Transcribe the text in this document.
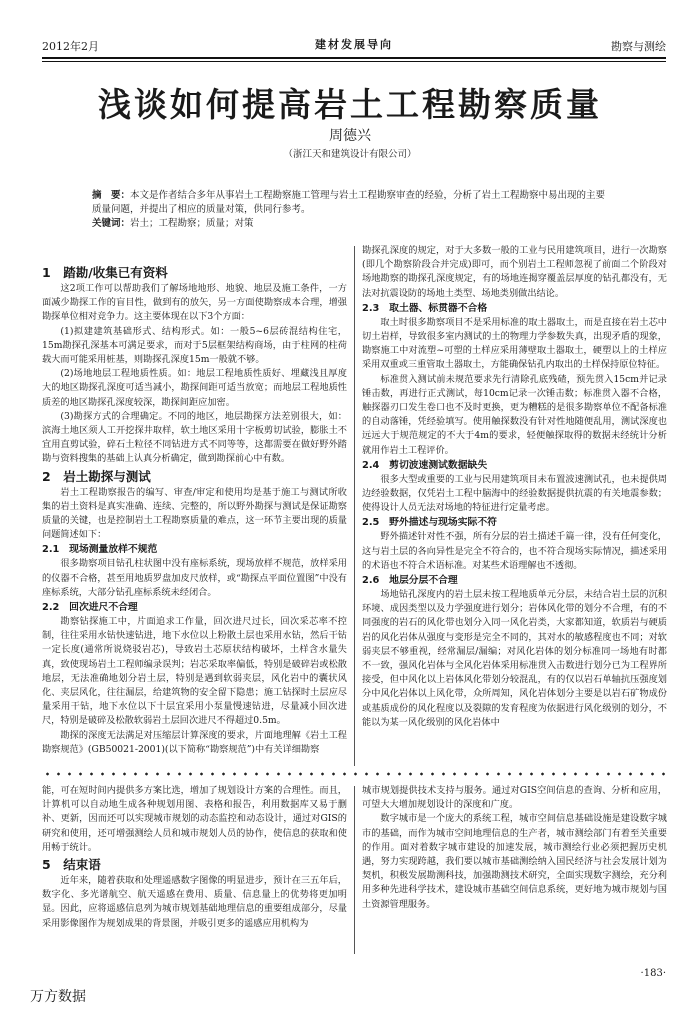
2012年2月	建材发展导向	勘察与测绘
浅谈如何提高岩土工程勘察质量
周德兴
（浙江天和建筑设计有限公司）
摘　要：本文是作者结合多年从事岩土工程勘察施工管理与岩土工程勘察审查的经验，分析了岩土工程勘察中易出现的主要质量问题，并提出了相应的质量对策，供同行参考。
关键词：岩土；工程勘察；质量；对策
1　踏勘/收集已有资料

这2项工作可以帮助我们了解场地地形、地貌、地层及施工条件，一方面减少勘探工作的盲目性，做到有的放矢，另一方面使勘察成本合理，增强勘探单位相对竞争力。这主要体现在以下3个方面：

(1)拟建建筑基础形式、结构形式。如：一般5~6层砖混结构住宅，15m勘探孔深基本可满足要求，而对于5层框架结构商场，由于柱网的柱荷载大而可能采用桩基，则勘探孔深度15m一般就不够。

(2)场地地层工程地质性质。如：地层工程地质性质好、埋藏浅且厚度大的地区勘探孔深度可适当减小，勘探间距可适当放宽；而地层工程地质性质差的地区勘探孔深度较深，勘探间距应加密。

(3)勘探方式的合理确定。不同的地区，地层勘探方法差别很大，如：滨海土地区须人工开挖探井取样，软土地区采用十字板剪切试验，膨胀土不宜用直剪试验，碎石土粒径不同钻进方式不同等等，这都需要在做好野外踏勘与资料搜集的基础上认真分析确定，做到勘探前心中有数。

2　岩土勘探与测试

岩土工程勘察报告的编写、审查/审定和使用均是基于施工与测试所收集的岩土资料是真实准确、连续、完整的，所以野外勘探与测试是保证勘察质量的关键，也是控制岩土工程勘察质量的难点，这一环节主要出现的质量问题简述如下：

2.1　现场测量放样不规范

很多勘察项目钻孔柱状图中没有座标系统，现场放样不规范，放样采用的仪器不合格，甚至用地质罗盘加皮尺放样，或“勘探点平面位置图”中没有座标系统，大部分钻孔座标系统未经闭合。

2.2　回次进尺不合理

勘察钻探施工中，片面追求工作量，回次进尺过长，回次采芯率不控制，往往采用水钻快速钻进，地下水位以上粉散土层也采用水钻，然后干钻一定长度(通常所说烧驳岩芯)，导致岩土芯原状结构破坏，土样含水量失真，致使现场岩土工程师编录误判；岩芯采取率偏低，特别是破碎岩或松散地层，无法准确地划分岩土层，特别是遇到软弱夹层，风化岩中的囊状风化、夹层风化，往往漏层，给建筑物的安全留下隐患；施工钻探时土层应尽量采用干钻，地下水位以下十层宜采用小泵量慢速钻进，尽量减小回次进尺，特别是破碎及松散软弱岩土层回次进尺不得超过0.5m。

勘探的深度无法满足对压缩层计算深度的要求，片面地理解《岩土工程勘察规范》(GB50021-2001)(以下简称“勘察规范”)中有关详细勘察

勘探孔深度的规定，对于大多数一般的工业与民用建筑项目，进行一次勘察(即几个勘察阶段合并完成)即可，而个别岩土工程师忽视了前面二个阶段对场地勘察的勘探孔深度规定，有的场地连揭穿覆盖层厚度的钻孔都没有，无法对抗震设防的场地土类型、场地类别做出结论。

2.3　取土器、标贯器不合格

取土时很多勘察项目不是采用标准的取土器取土，而是直接在岩土芯中切土岩样，导致很多室内测试的土的物理力学参数失真，出现矛盾的现象，勘察施工中对流塑~可塑的土样应采用薄壁取土器取土，硬塑以上的土样应采用双重或三重管取土器取土，方能确保钻孔内取出的土样保持原位特征。

标准贯入测试前未规范要求先行清除孔底残碴，预先贯入15cm并记录锤击数，再进行正式测试，每10cm记录一次锤击数；标准贯入器不合格，触探器刃口发生卷口也不及时更换，更为糟糕的是很多勘察单位不配备标准的自动落锤，凭经验填写。使用触探数没有针对性地随便乱用，测试深度也远远大于规范规定的不大于4m的要求，轻便触探取得的数据未经统计分析就用作岩土工程评价。

2.4　剪切波速测试数据缺失

很多大型或重要的工业与民用建筑项目未布置波速测试孔，也未提供周边经验数据，仅凭岩土工程中脑海中的经验数据提供抗震的有关地震参数；使得设计人员无法对场地的特征进行定量考虑。

2.5　野外描述与现场实际不符

野外描述针对性不强，所有分层的岩土描述千篇一律，没有任何变化，这与岩土层的各向异性是完全不符合的，也不符合现场实际情况，描述采用的术语也不符合术语标准。对某些术语理解也不透彻。

2.6　地层分层不合理

场地钻孔深度内的岩土层未按工程地质单元分层，未结合岩土层的沉积环境、成因类型以及力学强度进行划分；岩体风化带的划分不合理，有的不同强度的岩石的风化带也划分入同一风化岩类，大家都知道，软质岩与硬质岩的风化岩体从强度与变形是完全不同的，其对水的敏感程度也不同；对软弱夹层不够重视，经常漏层/漏编；对风化岩体的划分标准同一场地有时都不一致，强风化岩体与全风化岩体采用标准贯入击数进行划分已为工程界所接受，但中风化以上岩体风化带划分较混乱，有的仅以岩石单轴抗压强度划分中风化岩体以上风化带，众所周知，风化岩体划分主要是以岩石矿物成份或基质成份的风化程度以及裂隙的发育程度为依据进行风化级别的划分，不能以为某一风化级别的风化岩体中

能，可在短时间内提供多方案比选，增加了规划设计方案的合理性。而且，计算机可以自动地生成各种规划用图、表格和报告，利用数据库又易于删补、更新，因而还可以实现城市规划的动态监控和动态设计，通过对GIS的研究和使用，还可增强测绘人员和城市规划人员的协作，使信息的获取和使用畅于统计。

5　结束语

近年来，随着获取和处理遥感数字图像的明显进步，预计在三五年后，数字化、多光谱航空、航天遥感在费用、质量、信息量上的优势将更加明显。因此，应将遥感信息列为城市规划基础地理信息的重要组成部分，尽量采用影像图作为规划成果的背景图，并吸引更多的遥感应用机构为

城市规划提供技术支持与服务。通过对GIS空间信息的查询、分析和应用，可望大大增加规划设计的深度和广度。

数字城市是一个庞大的系统工程，城市空间信息基础设施是建设数字城市的基础，而作为城市空间地理信息的生产者，城市测绘部门有着至关重要的作用。面对着数字城市建设的加速发展，城市测绘行业必须把握历史机遇，努力实现跨越，我们要以城市基础测绘纳入国民经济与社会发展计划为契机，积极发展勘测科技，加强勘测技术研究，全面实现数字测绘，充分利用多种先进科学技术，建设城市基础空间信息系统，更好地为城市规划与国土资源管理服务。

·183·
万方数据
